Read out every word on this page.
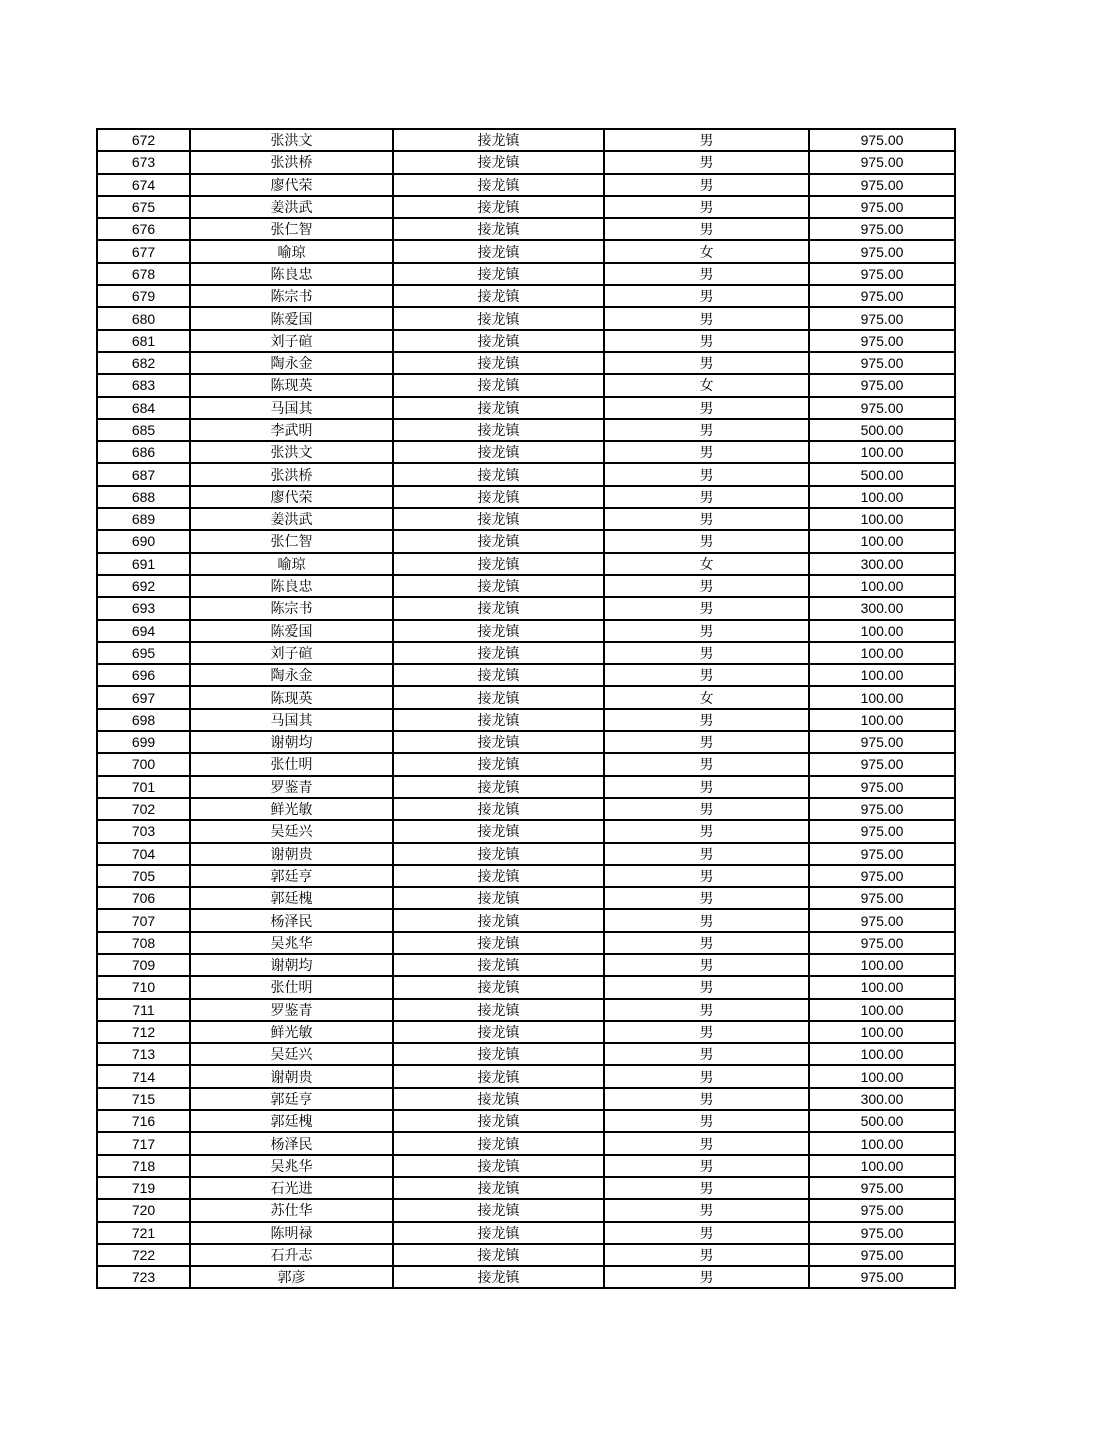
672	张洪文	接龙镇	男	975.00
673	张洪桥	接龙镇	男	975.00
674	廖代荣	接龙镇	男	975.00
675	姜洪武	接龙镇	男	975.00
676	张仁智	接龙镇	男	975.00
677	喻琼	接龙镇	女	975.00
678	陈良忠	接龙镇	男	975.00
679	陈宗书	接龙镇	男	975.00
680	陈爱国	接龙镇	男	975.00
681	刘子碹	接龙镇	男	975.00
682	陶永金	接龙镇	男	975.00
683	陈现英	接龙镇	女	975.00
684	马国其	接龙镇	男	975.00
685	李武明	接龙镇	男	500.00
686	张洪文	接龙镇	男	100.00
687	张洪桥	接龙镇	男	500.00
688	廖代荣	接龙镇	男	100.00
689	姜洪武	接龙镇	男	100.00
690	张仁智	接龙镇	男	100.00
691	喻琼	接龙镇	女	300.00
692	陈良忠	接龙镇	男	100.00
693	陈宗书	接龙镇	男	300.00
694	陈爱国	接龙镇	男	100.00
695	刘子碹	接龙镇	男	100.00
696	陶永金	接龙镇	男	100.00
697	陈现英	接龙镇	女	100.00
698	马国其	接龙镇	男	100.00
699	谢朝均	接龙镇	男	975.00
700	张仕明	接龙镇	男	975.00
701	罗鉴青	接龙镇	男	975.00
702	鲜光敏	接龙镇	男	975.00
703	吴廷兴	接龙镇	男	975.00
704	谢朝贵	接龙镇	男	975.00
705	郭廷亨	接龙镇	男	975.00
706	郭廷槐	接龙镇	男	975.00
707	杨泽民	接龙镇	男	975.00
708	吴兆华	接龙镇	男	975.00
709	谢朝均	接龙镇	男	100.00
710	张仕明	接龙镇	男	100.00
711	罗鉴青	接龙镇	男	100.00
712	鲜光敏	接龙镇	男	100.00
713	吴廷兴	接龙镇	男	100.00
714	谢朝贵	接龙镇	男	100.00
715	郭廷亨	接龙镇	男	300.00
716	郭廷槐	接龙镇	男	500.00
717	杨泽民	接龙镇	男	100.00
718	吴兆华	接龙镇	男	100.00
719	石光进	接龙镇	男	975.00
720	苏仕华	接龙镇	男	975.00
721	陈明禄	接龙镇	男	975.00
722	石升志	接龙镇	男	975.00
723	郭彦	接龙镇	男	975.00
